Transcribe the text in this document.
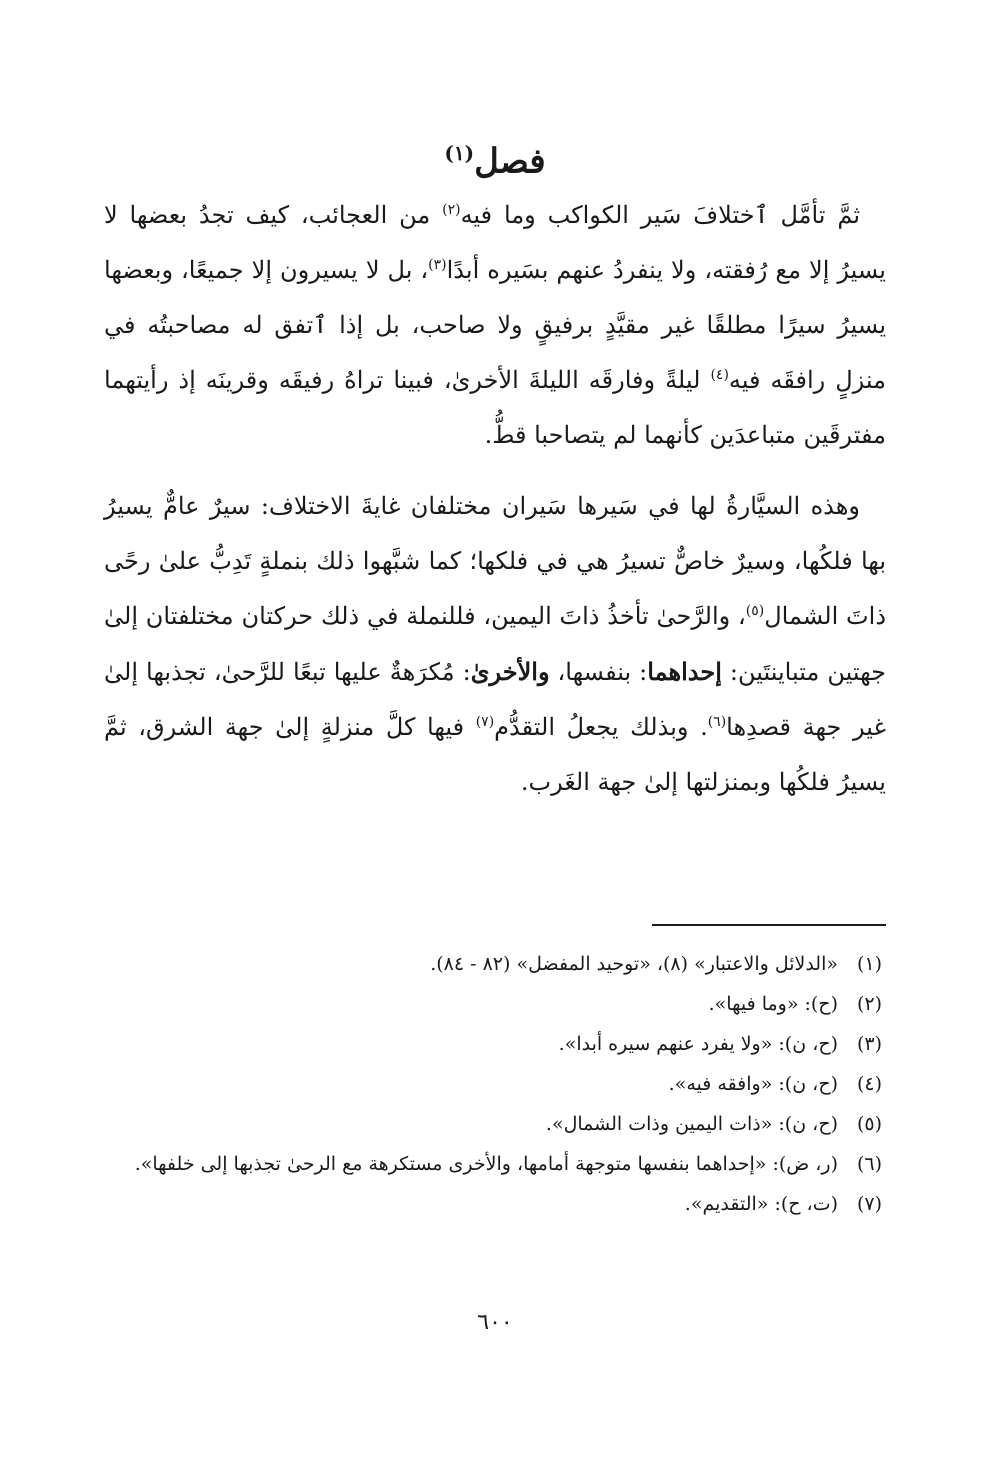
فصل$^{(١)}$

ثمَّ تأمَّل ٱختلافَ سَير الكواكب وما فيه$^{(٢)}$ من العجائب، كيف تجدُ بعضها لا يسيرُ إلا مع رُفقته، ولا ينفردُ عنهم بسَيره أبدًا$^{(٣)}$، بل لا يسيرون إلا جميعًا، وبعضها يسيرُ سيرًا مطلقًا غير مقيَّدٍ برفيقٍ ولا صاحب، بل إذا ٱتفق له مصاحبتُه في منزلٍ رافقَه فيه$^{(٤)}$ ليلةً وفارقَه الليلةَ الأخرىٰ، فبينا تراهُ رفيقَه وقرينَه إذ رأيتهما مفترقَين متباعدَين كأنهما لم يتصاحبا قطُّ.

وهذه السيَّارةُ لها في سَيرها سَيران مختلفان غايةَ الاختلاف: سيرٌ عامٌّ يسيرُ بها فلكُها، وسيرٌ خاصٌّ تسيرُ هي في فلكها؛ كما شبَّهوا ذلك بنملةٍ تَدِبُّ علىٰ رحًى ذاتَ الشمال$^{(٥)}$، والرَّحىٰ تأخذُ ذاتَ اليمين، فللنملة في ذلك حركتان مختلفتان إلىٰ جهتين متباينتَين: إحداهما: بنفسها، والأخرىٰ: مُكرَهةٌ عليها تبعًا للرَّحىٰ، تجذبها إلىٰ غير جهة قصدِها$^{(٦)}$. وبذلك يجعلُ التقدُّم$^{(٧)}$ فيها كلَّ منزلةٍ إلىٰ جهة الشرق، ثمَّ يسيرُ فلكُها وبمنزلتها إلىٰ جهة الغَرب.

(١)
«الدلائل والاعتبار» (٨)، «توحيد المفضل» (٨٢ - ٨٤).
(٢)
(ح): «وما فيها».
(٣)
(ح، ن): «ولا يفرد عنهم سيره أبدا».
(٤)
(ح، ن): «وافقه فيه».
(٥)
(ح، ن): «ذات اليمين وذات الشمال».
(٦)
(ر، ض): «إحداهما بنفسها متوجهة أمامها، والأخرى مستكرهة مع الرحىٰ تجذبها إلى خلفها».
(٧)
(ت، ح): «التقديم».
٦٠٠
